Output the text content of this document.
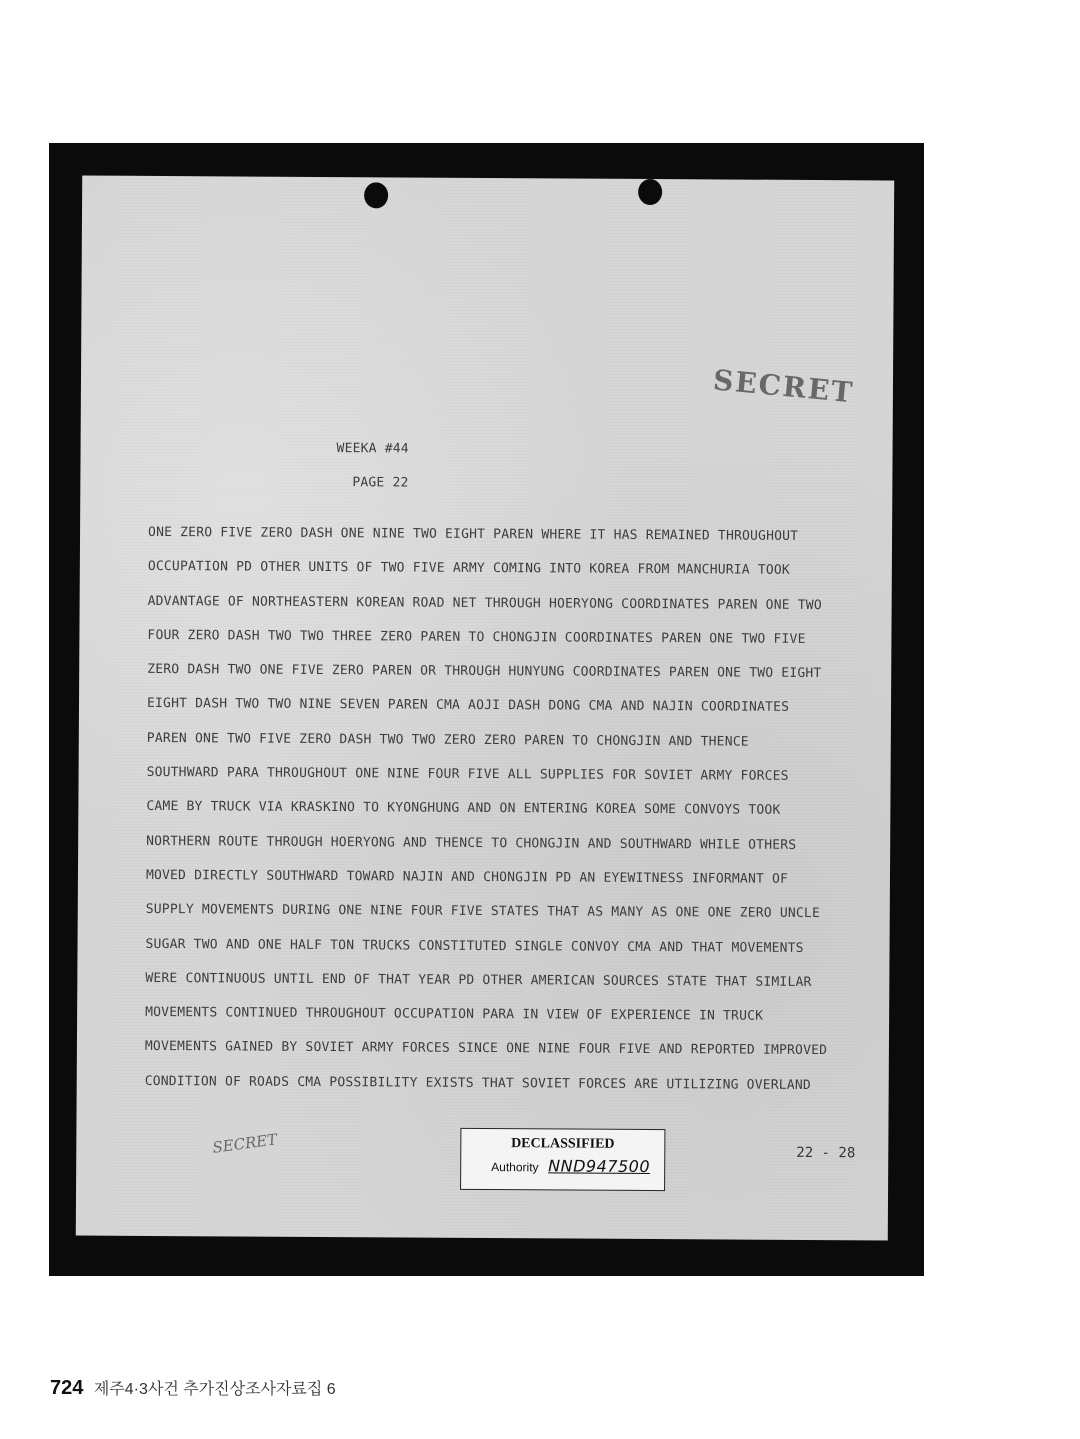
SECRET
WEEKA #44
PAGE 22
ONE ZERO FIVE ZERO DASH ONE NINE TWO EIGHT PAREN WHERE IT HAS REMAINED THROUGHOUT
OCCUPATION PD OTHER UNITS OF TWO FIVE ARMY COMING INTO KOREA FROM MANCHURIA TOOK
ADVANTAGE OF NORTHEASTERN KOREAN ROAD NET THROUGH HOERYONG COORDINATES PAREN ONE TWO
FOUR ZERO DASH TWO TWO THREE ZERO PAREN TO CHONGJIN COORDINATES PAREN ONE TWO FIVE
ZERO DASH TWO ONE FIVE ZERO PAREN OR THROUGH HUNYUNG COORDINATES PAREN ONE TWO EIGHT
EIGHT DASH TWO TWO NINE SEVEN PAREN CMA AOJI DASH DONG CMA AND NAJIN COORDINATES
PAREN ONE TWO FIVE ZERO DASH TWO TWO ZERO ZERO PAREN TO CHONGJIN AND THENCE
SOUTHWARD PARA THROUGHOUT ONE NINE FOUR FIVE ALL SUPPLIES FOR SOVIET ARMY FORCES
CAME BY TRUCK VIA KRASKINO TO KYONGHUNG AND ON ENTERING KOREA SOME CONVOYS TOOK
NORTHERN ROUTE THROUGH HOERYONG AND THENCE TO CHONGJIN AND SOUTHWARD WHILE OTHERS
MOVED DIRECTLY SOUTHWARD TOWARD NAJIN AND CHONGJIN PD AN EYEWITNESS INFORMANT OF
SUPPLY MOVEMENTS DURING ONE NINE FOUR FIVE STATES THAT AS MANY AS ONE ONE ZERO UNCLE
SUGAR TWO AND ONE HALF TON TRUCKS CONSTITUTED SINGLE CONVOY CMA AND THAT MOVEMENTS
WERE CONTINUOUS UNTIL END OF THAT YEAR PD OTHER AMERICAN SOURCES STATE THAT SIMILAR
MOVEMENTS CONTINUED THROUGHOUT OCCUPATION PARA IN VIEW OF EXPERIENCE IN TRUCK
MOVEMENTS GAINED BY SOVIET ARMY FORCES SINCE ONE NINE FOUR FIVE AND REPORTED IMPROVED
CONDITION OF ROADS CMA POSSIBILITY EXISTS THAT SOVIET FORCES ARE UTILIZING OVERLAND
SECRET	DECLASSIFIED
Authority NND947500
22 - 28
724 제주4·3사건 추가진상조사자료집 6
